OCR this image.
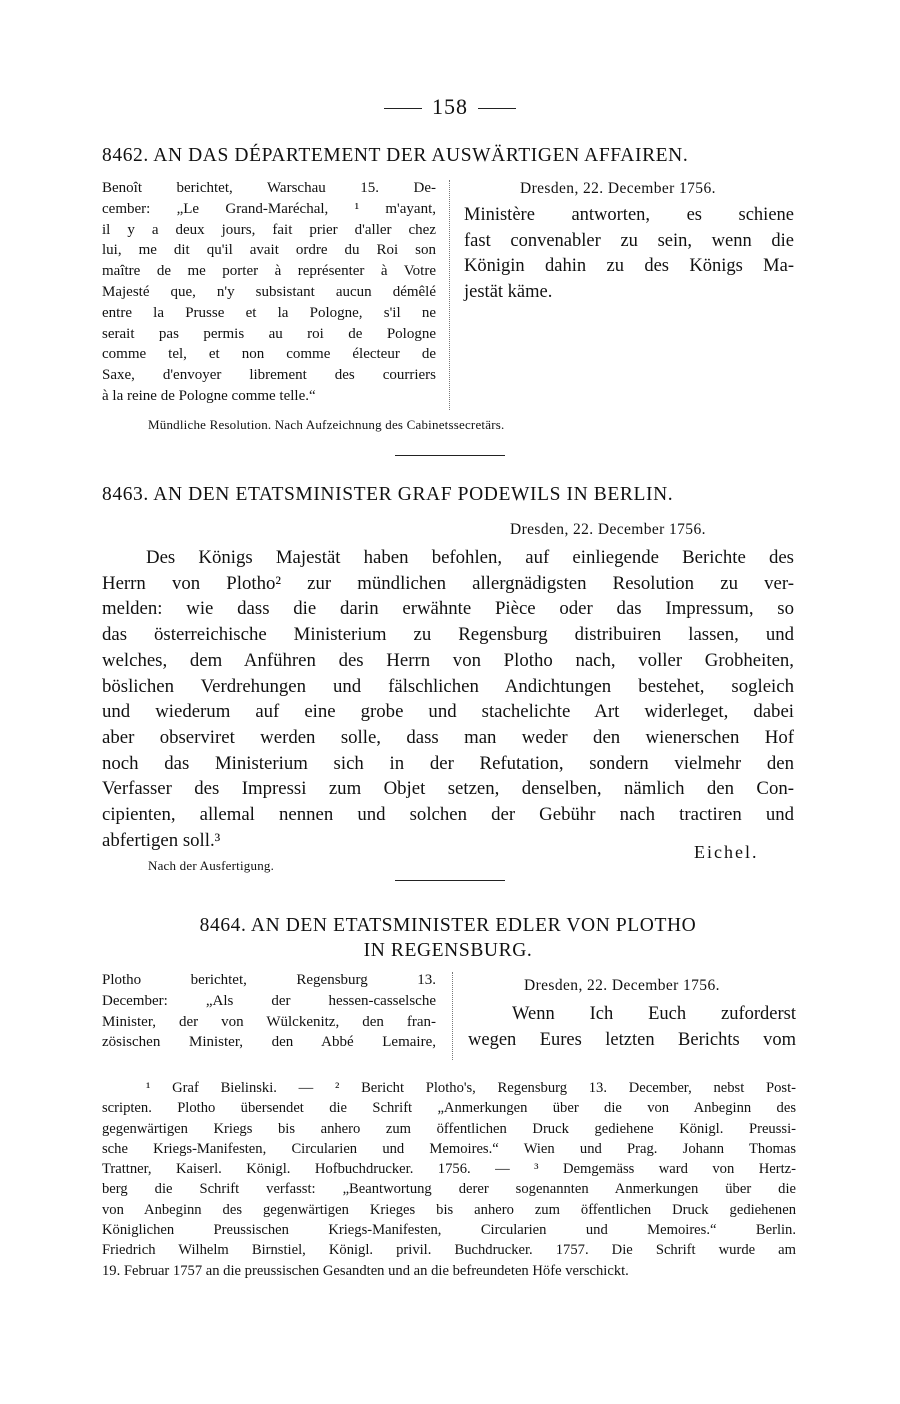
158
8462. AN DAS DÉPARTEMENT DER AUSWÄRTIGEN AFFAIREN.
Benoît berichtet, Warschau 15. De-
cember: „Le Grand-Maréchal, ¹ m'ayant,
il y a deux jours, fait prier d'aller chez
lui, me dit qu'il avait ordre du Roi son
maître de me porter à représenter à Votre
Majesté que, n'y subsistant aucun démêlé
entre la Prusse et la Pologne, s'il ne
serait pas permis au roi de Pologne
comme tel, et non comme électeur de
Saxe, d'envoyer librement des courriers
à la reine de Pologne comme telle.“
Dresden, 22. December 1756.
Ministère antworten, es schiene
fast convenabler zu sein, wenn die
Königin dahin zu des Königs Ma-
jestät käme.
Mündliche Resolution. Nach Aufzeichnung des Cabinetssecretärs.
8463. AN DEN ETATSMINISTER GRAF PODEWILS IN BERLIN.
Dresden, 22. December 1756.
Des Königs Majestät haben befohlen, auf einliegende Berichte des
Herrn von Plotho² zur mündlichen allergnädigsten Resolution zu ver-
melden: wie dass die darin erwähnte Pièce oder das Impressum, so
das österreichische Ministerium zu Regensburg distribuiren lassen, und
welches, dem Anführen des Herrn von Plotho nach, voller Grobheiten,
böslichen Verdrehungen und fälschlichen Andichtungen bestehet, sogleich
und wiederum auf eine grobe und stachelichte Art widerleget, dabei
aber observiret werden solle, dass man weder den wienerschen Hof
noch das Ministerium sich in der Refutation, sondern vielmehr den
Verfasser des Impressi zum Objet setzen, denselben, nämlich den Con-
cipienten, allemal nennen und solchen der Gebühr nach tractiren und
abfertigen soll.³
Eichel.
Nach der Ausfertigung.
8464. AN DEN ETATSMINISTER EDLER VON PLOTHO
IN REGENSBURG.
Plotho berichtet, Regensburg 13.
December: „Als der hessen-casselsche
Minister, der von Wülckenitz, den fran-
zösischen Minister, den Abbé Lemaire,
Dresden, 22. December 1756.
Wenn Ich Euch zuforderst
wegen Eures letzten Berichts vom
¹ Graf Bielinski. — ² Bericht Plotho's, Regensburg 13. December, nebst Post-
scripten. Plotho übersendet die Schrift „Anmerkungen über die von Anbeginn des
gegenwärtigen Kriegs bis anhero zum öffentlichen Druck gediehene Königl. Preussi-
sche Kriegs-Manifesten, Circularien und Memoires.“ Wien und Prag. Johann Thomas
Trattner, Kaiserl. Königl. Hofbuchdrucker. 1756. — ³ Demgemäss ward von Hertz-
berg die Schrift verfasst: „Beantwortung derer sogenannten Anmerkungen über die
von Anbeginn des gegenwärtigen Krieges bis anhero zum öffentlichen Druck gediehenen
Königlichen Preussischen Kriegs-Manifesten, Circularien und Memoires.“ Berlin.
Friedrich Wilhelm Birnstiel, Königl. privil. Buchdrucker. 1757. Die Schrift wurde am
19. Februar 1757 an die preussischen Gesandten und an die befreundeten Höfe verschickt.
